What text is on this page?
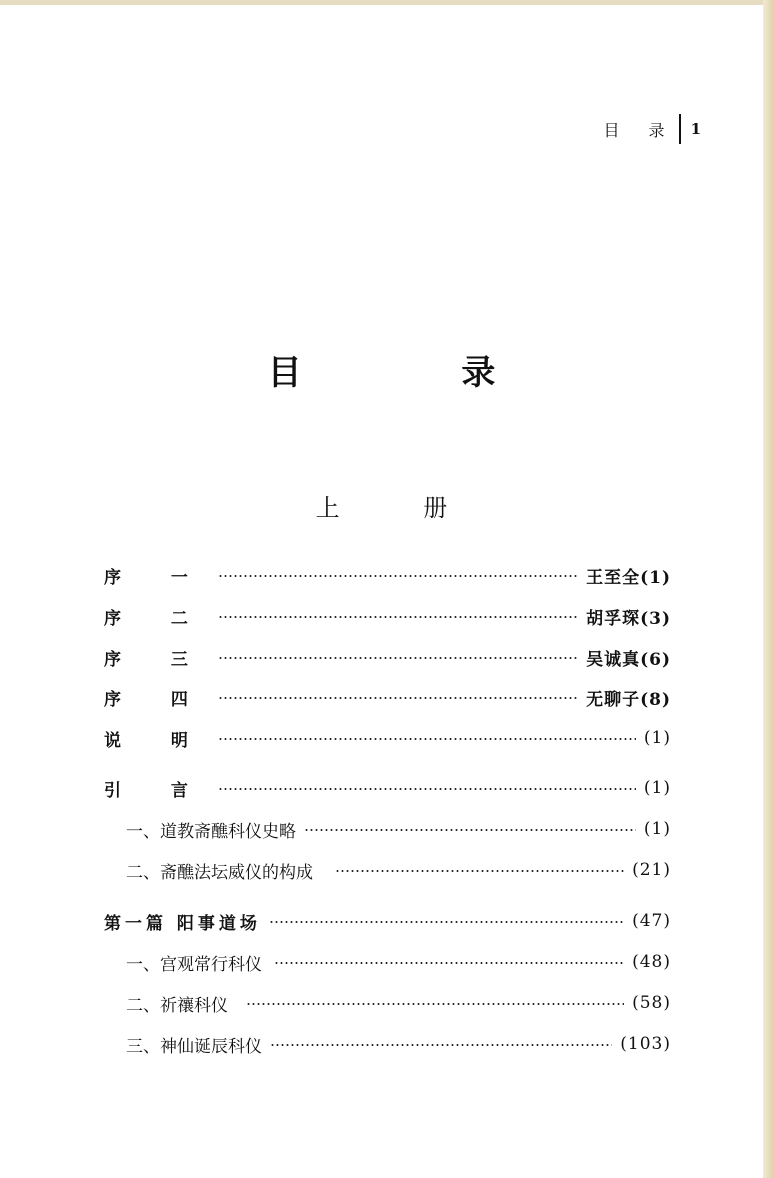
目 录 1
目 录
上 册
序 一	王至全(1)
序 二	胡孚琛(3)
序 三	吴诚真(6)
序 四	无聊子(8)
说 明	(1)
引 言	(1)
一、道教斋醮科仪史略	(1)
二、斋醮法坛威仪的构成	(21)
第一篇 阳事道场	(47)
一、宫观常行科仪	(48)
二、祈禳科仪	(58)
三、神仙诞辰科仪	(103)
